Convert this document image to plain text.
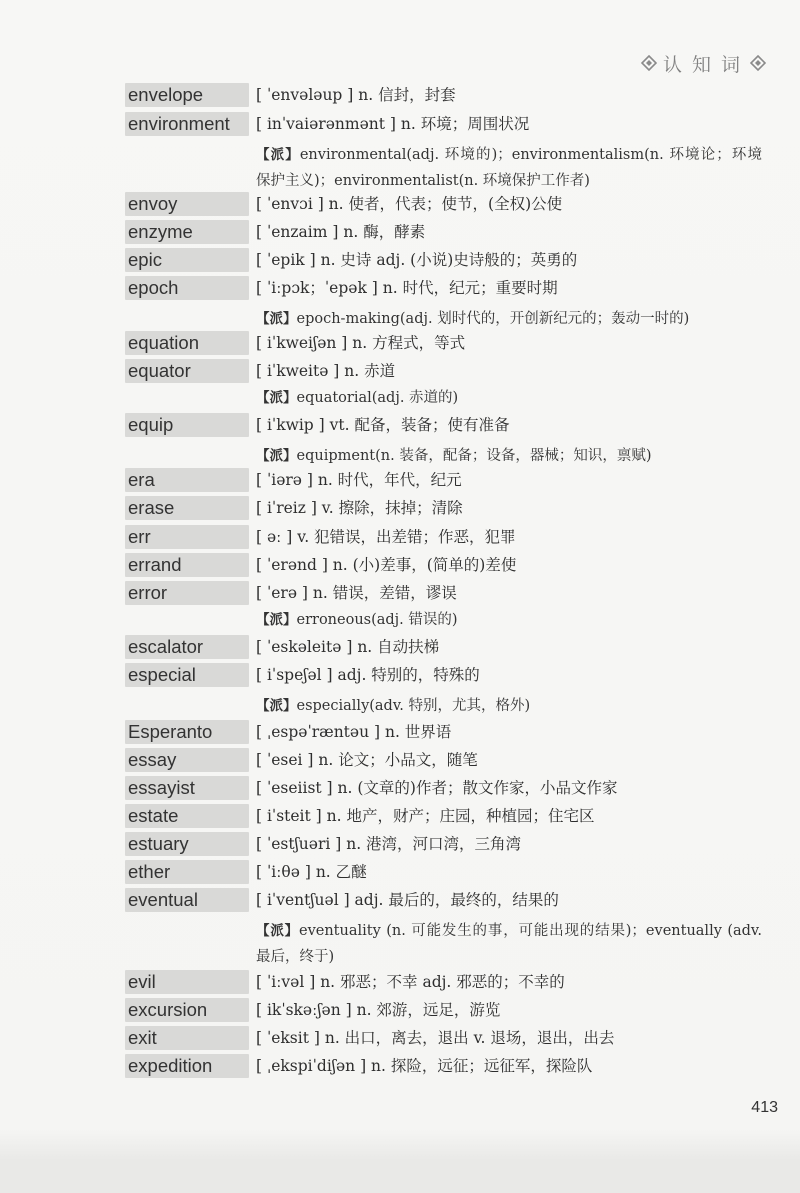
认知词
envelope	[ ˈenvələup ] n. 信封，封套
environment	[ inˈvaiərənmənt ] n. 环境；周围状况
【派】environmental(adj. 环境的)；environmentalism(n. 环境论；环境保护主义)；environmentalist(n. 环境保护工作者)
envoy	[ ˈenvɔi ] n. 使者，代表；使节，(全权)公使
enzyme	[ ˈenzaim ] n. 酶，酵素
epic	[ ˈepik ] n. 史诗 adj. (小说)史诗般的；英勇的
epoch	[ ˈiːpɔk；ˈepək ] n. 时代，纪元；重要时期
【派】epoch-making(adj. 划时代的，开创新纪元的；轰动一时的)
equation	[ iˈkweiʃən ] n. 方程式，等式
equator	[ iˈkweitə ] n. 赤道
【派】equatorial(adj. 赤道的)
equip	[ iˈkwip ] vt. 配备，装备；使有准备
【派】equipment(n. 装备，配备；设备，器械；知识，禀赋)
era	[ ˈiərə ] n. 时代，年代，纪元
erase	[ iˈreiz ] v. 擦除，抹掉；清除
err	[ əː ] v. 犯错误，出差错；作恶，犯罪
errand	[ ˈerənd ] n. (小)差事，(简单的)差使
error	[ ˈerə ] n. 错误，差错，谬误
【派】erroneous(adj. 错误的)
escalator	[ ˈeskəleitə ] n. 自动扶梯
especial	[ iˈspeʃəl ] adj. 特别的，特殊的
【派】especially(adv. 特别，尤其，格外)
Esperanto	[ ˌespəˈræntəu ] n. 世界语
essay	[ ˈesei ] n. 论文；小品文，随笔
essayist	[ ˈeseiist ] n. (文章的)作者；散文作家，小品文作家
estate	[ iˈsteit ] n. 地产，财产；庄园，种植园；住宅区
estuary	[ ˈestʃuəri ] n. 港湾，河口湾，三角湾
ether	[ ˈiːθə ] n. 乙醚
eventual	[ iˈventʃuəl ] adj. 最后的，最终的，结果的
【派】eventuality (n. 可能发生的事，可能出现的结果)；eventually (adv. 最后，终于)
evil	[ ˈiːvəl ] n. 邪恶；不幸 adj. 邪恶的；不幸的
excursion	[ ikˈskəːʃən ] n. 郊游，远足，游览
exit	[ ˈeksit ] n. 出口，离去，退出 v. 退场，退出，出去
expedition	[ ˌekspiˈdiʃən ] n. 探险，远征；远征军，探险队
413
